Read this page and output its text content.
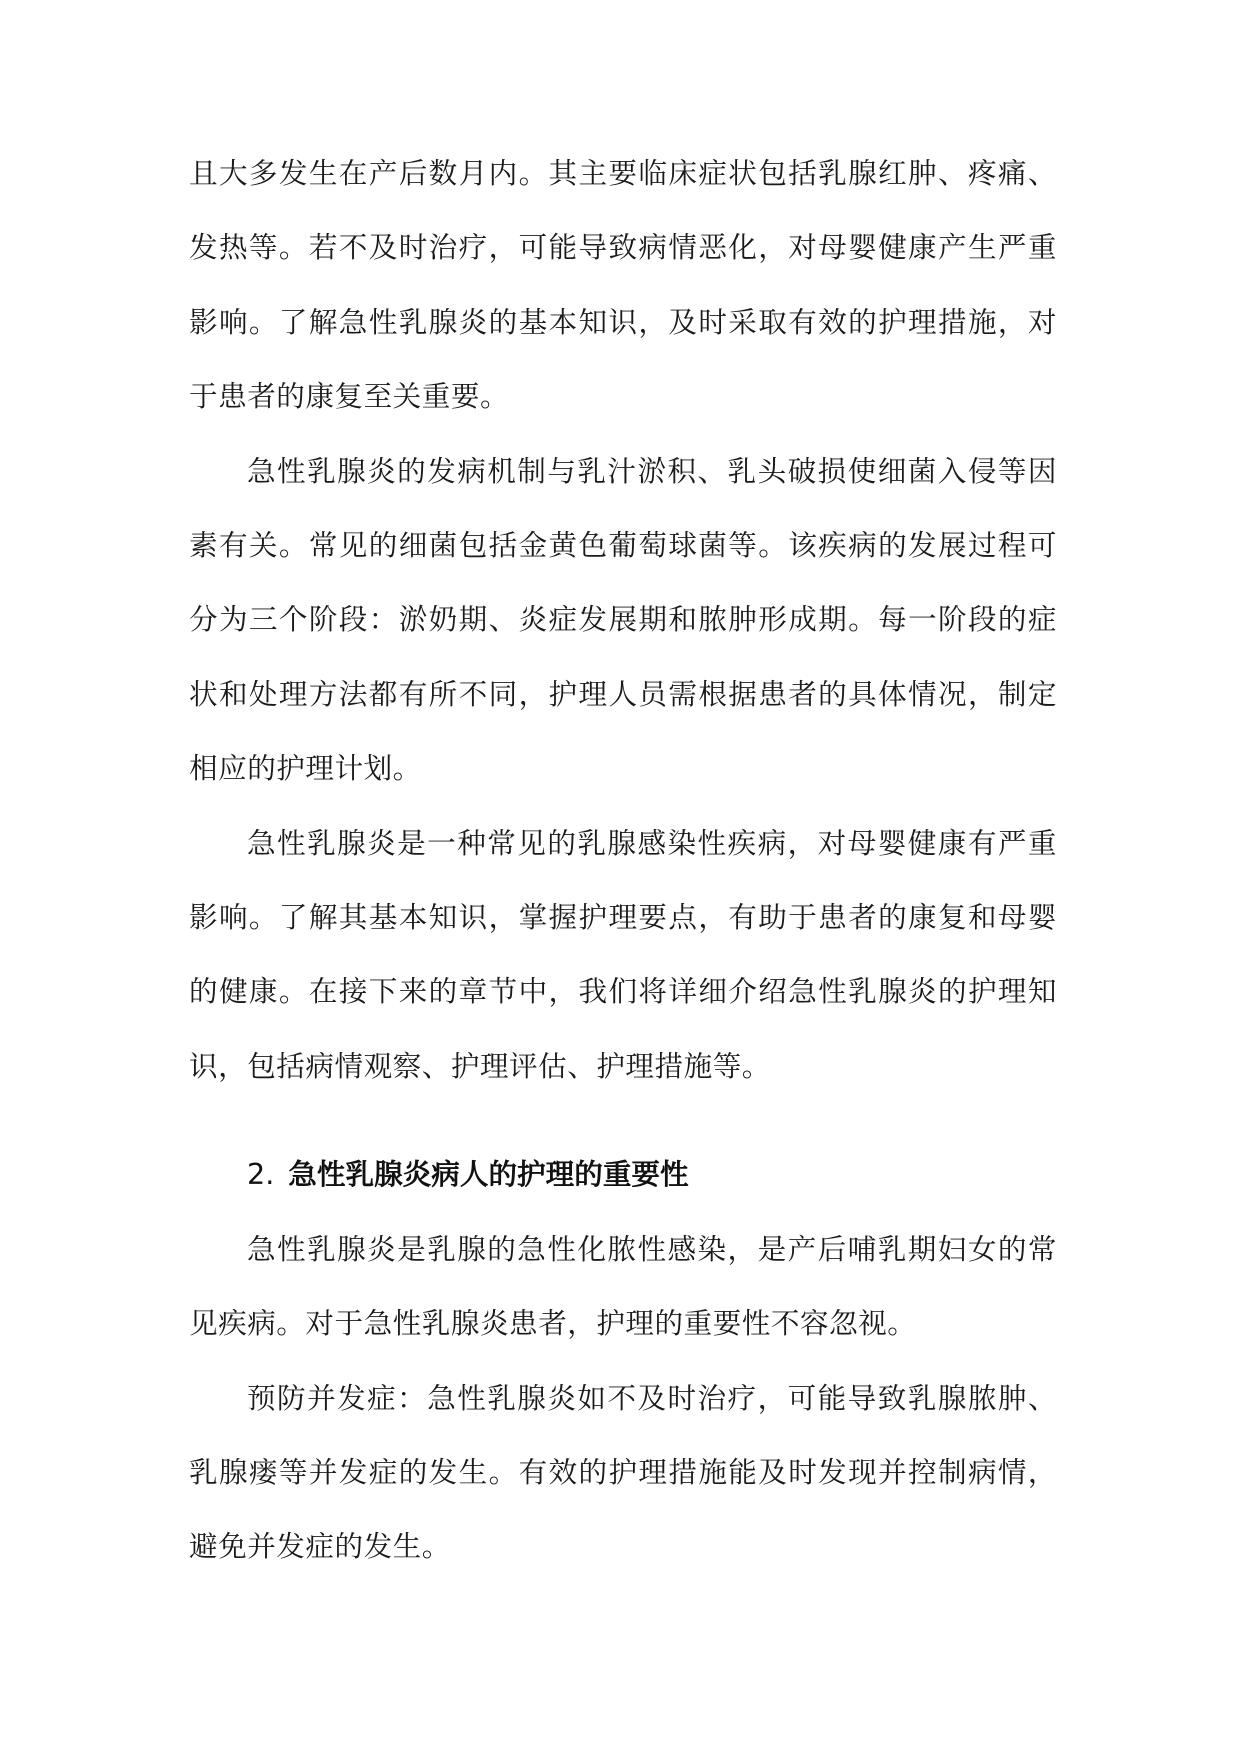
且大多发生在产后数月内。其主要临床症状包括乳腺红肿、疼痛、发热等。若不及时治疗，可能导致病情恶化，对母婴健康产生严重影响。了解急性乳腺炎的基本知识，及时采取有效的护理措施，对于患者的康复至关重要。

急性乳腺炎的发病机制与乳汁淤积、乳头破损使细菌入侵等因素有关。常见的细菌包括金黄色葡萄球菌等。该疾病的发展过程可分为三个阶段：淤奶期、炎症发展期和脓肿形成期。每一阶段的症状和处理方法都有所不同，护理人员需根据患者的具体情况，制定相应的护理计划。

急性乳腺炎是一种常见的乳腺感染性疾病，对母婴健康有严重影响。了解其基本知识，掌握护理要点，有助于患者的康复和母婴的健康。在接下来的章节中，我们将详细介绍急性乳腺炎的护理知识，包括病情观察、护理评估、护理措施等。

2. 急性乳腺炎病人的护理的重要性

急性乳腺炎是乳腺的急性化脓性感染，是产后哺乳期妇女的常见疾病。对于急性乳腺炎患者，护理的重要性不容忽视。

预防并发症：急性乳腺炎如不及时治疗，可能导致乳腺脓肿、乳腺瘘等并发症的发生。有效的护理措施能及时发现并控制病情，避免并发症的发生。
